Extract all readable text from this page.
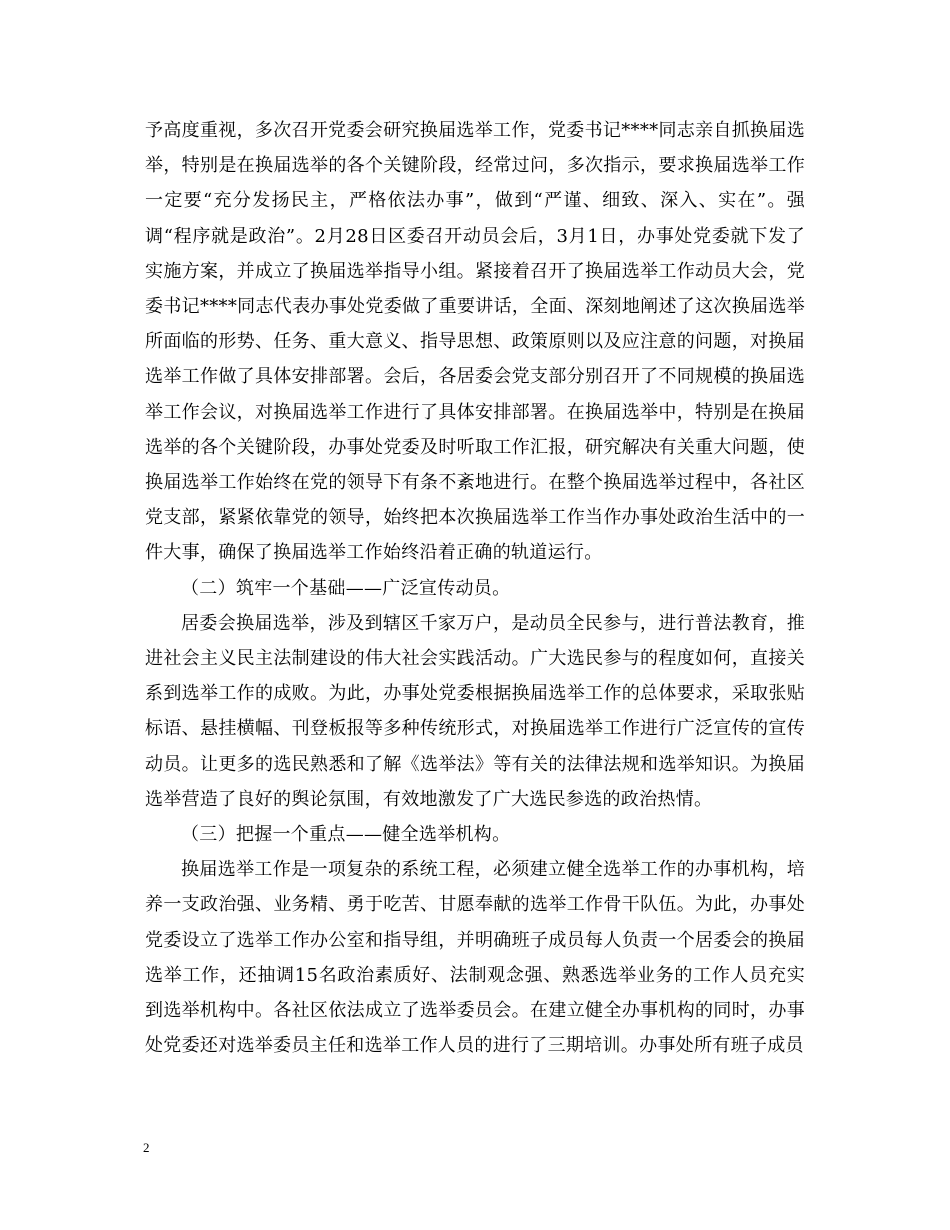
予高度重视，多次召开党委会研究换届选举工作，党委书记****同志亲自抓换届选举，特别是在换届选举的各个关键阶段，经常过问，多次指示，要求换届选举工作一定要“充分发扬民主，严格依法办事”，做到“严谨、细致、深入、实在”。强调“程序就是政治”。2月28日区委召开动员会后，3月1日，办事处党委就下发了实施方案，并成立了换届选举指导小组。紧接着召开了换届选举工作动员大会，党委书记****同志代表办事处党委做了重要讲话，全面、深刻地阐述了这次换届选举所面临的形势、任务、重大意义、指导思想、政策原则以及应注意的问题，对换届选举工作做了具体安排部署。会后，各居委会党支部分别召开了不同规模的换届选举工作会议，对换届选举工作进行了具体安排部署。在换届选举中，特别是在换届选举的各个关键阶段，办事处党委及时听取工作汇报，研究解决有关重大问题，使换届选举工作始终在党的领导下有条不紊地进行。在整个换届选举过程中，各社区党支部，紧紧依靠党的领导，始终把本次换届选举工作当作办事处政治生活中的一件大事，确保了换届选举工作始终沿着正确的轨道运行。

（二）筑牢一个基础——广泛宣传动员。

居委会换届选举，涉及到辖区千家万户，是动员全民参与，进行普法教育，推进社会主义民主法制建设的伟大社会实践活动。广大选民参与的程度如何，直接关系到选举工作的成败。为此，办事处党委根据换届选举工作的总体要求，采取张贴标语、悬挂横幅、刊登板报等多种传统形式，对换届选举工作进行广泛宣传的宣传动员。让更多的选民熟悉和了解《选举法》等有关的法律法规和选举知识。为换届选举营造了良好的舆论氛围，有效地激发了广大选民参选的政治热情。

（三）把握一个重点——健全选举机构。

换届选举工作是一项复杂的系统工程，必须建立健全选举工作的办事机构，培养一支政治强、业务精、勇于吃苦、甘愿奉献的选举工作骨干队伍。为此，办事处党委设立了选举工作办公室和指导组，并明确班子成员每人负责一个居委会的换届选举工作，还抽调15名政治素质好、法制观念强、熟悉选举业务的工作人员充实到选举机构中。各社区依法成立了选举委员会。在建立健全办事机构的同时，办事处党委还对选举委员主任和选举工作人员的进行了三期培训。办事处所有班子成员

2
